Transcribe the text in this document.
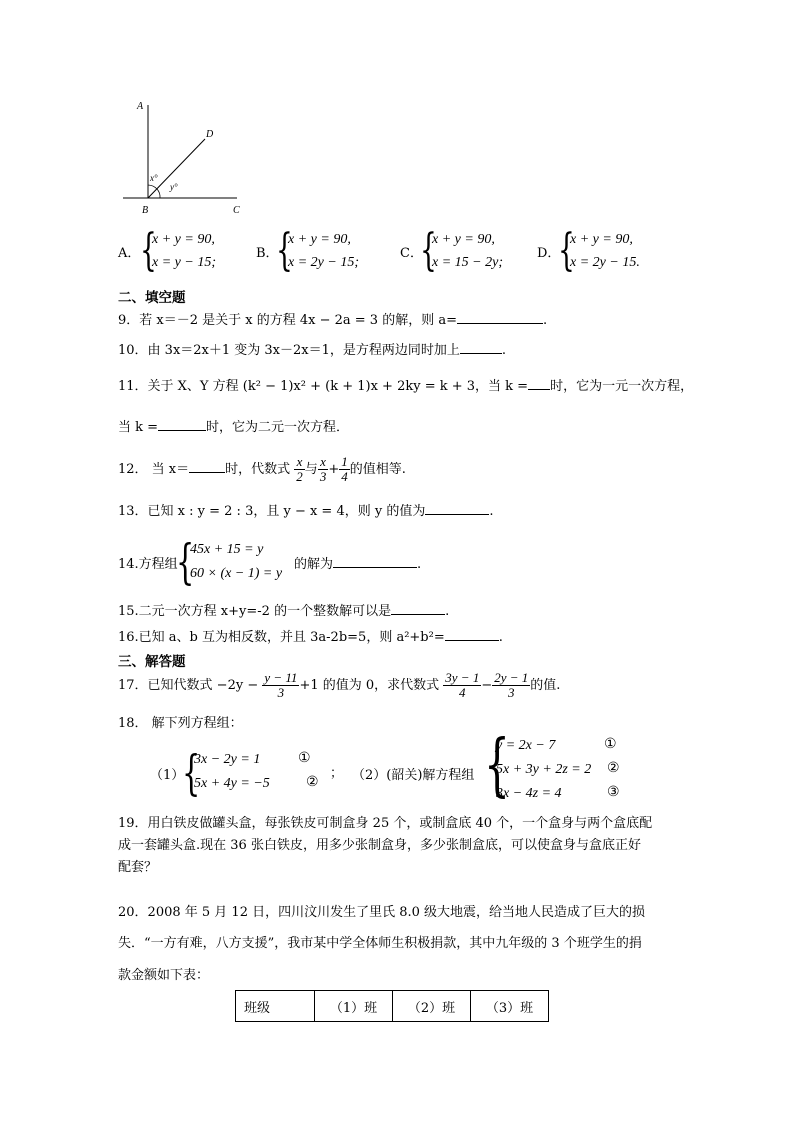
A
D
B	C
x°
y°
A． {
x + y = 90,
x = y − 15;
B．
{
x + y = 90,
x = 2y − 15;
C．
{
x + y = 90,
x = 15 − 2y;
D．
{
x + y = 90,
x = 2y − 15.
二、填空题
9．若 x＝－2 是关于 x 的方程 4x − 2a = 3 的解，则 a=	.
10．由 3x＝2x＋1 变为 3x－2x＝1，是方程两边同时加上	.
11．关于 X、Y 方程 (k² − 1)x² + (k + 1)x + 2ky = k + 3，当 k = 时，它为一元一次方程，
当 k =	时，它为二元一次方程．
12． 当 x＝	时，代数式 $\frac{x}{2}$ 与 $\frac{x}{3} + \frac{1}{4}$ 的值相等.
13．已知 x : y = 2 : 3，且 y − x = 4，则 y 的值为	.
14.方程组
{
45x + 15 = y
60 × (x − 1) = y
的解为	.
15.二元一次方程 x+y=-2 的一个整数解可以是	.
16.已知 a、b 互为相反数，并且 3a-2b=5，则 a²+b²=	.
三、解答题
17．已知代数式 $-2y - \frac{y - 11}{3} +1$ 的值为 0，求代数式 $\frac{3y - 1}{4} - \frac{2y - 1}{3}$ 的值.
18． 解下列方程组：
（1）
{
3x − 2y = 1
5x + 4y = −5
①
②
； （2）(韶关)解方程组 {
y = 2x − 7
5x + 3y + 2z = 2
3x − 4z = 4
①
②
③
19．用白铁皮做罐头盒，每张铁皮可制盒身 25 个，或制盒底 40 个，一个盒身与两个盒底配
成一套罐头盒.现在 36 张白铁皮，用多少张制盒身，多少张制盒底，可以使盒身与盒底正好
配套？
20．2008 年 5 月 12 日，四川汶川发生了里氏 8.0 级大地震，给当地人民造成了巨大的损
失．“一方有难，八方支援”，我市某中学全体师生积极捐款，其中九年级的 3 个班学生的捐
款金额如下表：
班级	（1）班	（2）班	（3）班
